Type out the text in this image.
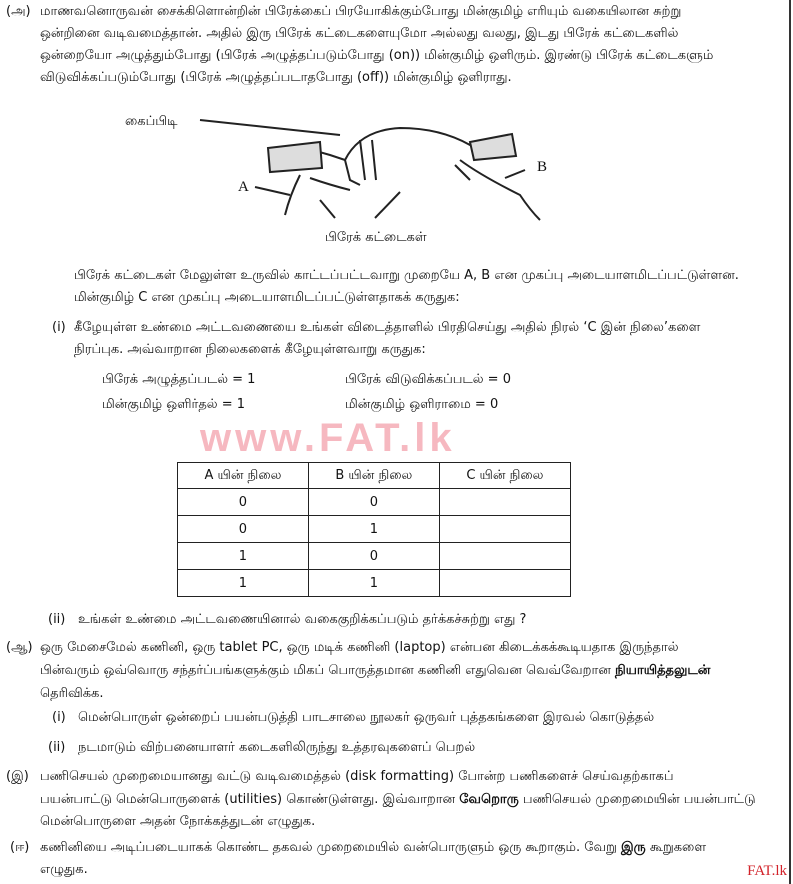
www.FAT.lk
(அ) மாணவனொருவன் சைக்கிளொன்றின் பிரேக்கைப் பிரயோகிக்கும்போது மின்குமிழ் எரியும் வகையிலான சுற்று
ஒன்றினை வடிவமைத்தான். அதில் இரு பிரேக் கட்டைகளையுமோ அல்லது வலது, இடது பிரேக் கட்டைகளில்
ஒன்றையோ அழுத்தும்போது (பிரேக் அழுத்தப்படும்போது (on)) மின்குமிழ் ஒளிரும். இரண்டு பிரேக் கட்டைகளும்
விடுவிக்கப்படும்போது (பிரேக் அழுத்தப்படாதபோது (off)) மின்குமிழ் ஒளிராது.
கைப்பிடி
A
B
பிரேக் கட்டைகள்
பிரேக் கட்டைகள் மேலுள்ள உருவில் காட்டப்பட்டவாறு முறையே A, B என முகப்பு அடையாளமிடப்பட்டுள்ளன.
மின்குமிழ் C என முகப்பு அடையாளமிடப்பட்டுள்ளதாகக் கருதுக:
(i) கீழேயுள்ள உண்மை அட்டவணையை உங்கள் விடைத்தாளில் பிரதிசெய்து அதில் நிரல் ‘C இன் நிலை’களை
நிரப்புக. அவ்வாறான நிலைகளைக் கீழேயுள்ளவாறு கருதுக:
பிரேக் அழுத்தப்படல் = 1	பிரேக் விடுவிக்கப்படல் = 0
மின்குமிழ் ஒளிர்தல் = 1	மின்குமிழ் ஒளிராமை = 0
A யின் நிலை	B யின் நிலை	C யின் நிலை
0	0	
0	1	
1	0	
1	1	
(ii) உங்கள் உண்மை அட்டவணையினால் வகைகுறிக்கப்படும் தர்க்கச்சுற்று எது ?
(ஆ) ஒரு மேசைமேல் கணினி, ஒரு tablet PC, ஒரு மடிக் கணினி (laptop) என்பன கிடைக்கக்கூடியதாக இருந்தால்
பின்வரும் ஒவ்வொரு சந்தர்ப்பங்களுக்கும் மிகப் பொருத்தமான கணினி எதுவென வெவ்வேறான நியாயித்தலுடன்
தெரிவிக்க.
(i) மென்பொருள் ஒன்றைப் பயன்படுத்தி பாடசாலை நூலகர் ஒருவர் புத்தகங்களை இரவல் கொடுத்தல்
(ii) நடமாடும் விற்பனையாளர் கடைகளிலிருந்து உத்தரவுகளைப் பெறல்
(இ) பணிசெயல் முறைமையானது வட்டு வடிவமைத்தல் (disk formatting) போன்ற பணிகளைச் செய்வதற்காகப்
பயன்பாட்டு மென்பொருளைக் (utilities) கொண்டுள்ளது. இவ்வாறான வேறொரு பணிசெயல் முறைமையின் பயன்பாட்டு
மென்பொருளை அதன் நோக்கத்துடன் எழுதுக.
(ஈ) கணினியை அடிப்படையாகக் கொண்ட தகவல் முறைமையில் வன்பொருளும் ஒரு கூறாகும். வேறு இரு கூறுகளை
எழுதுக.	FAT.lk
